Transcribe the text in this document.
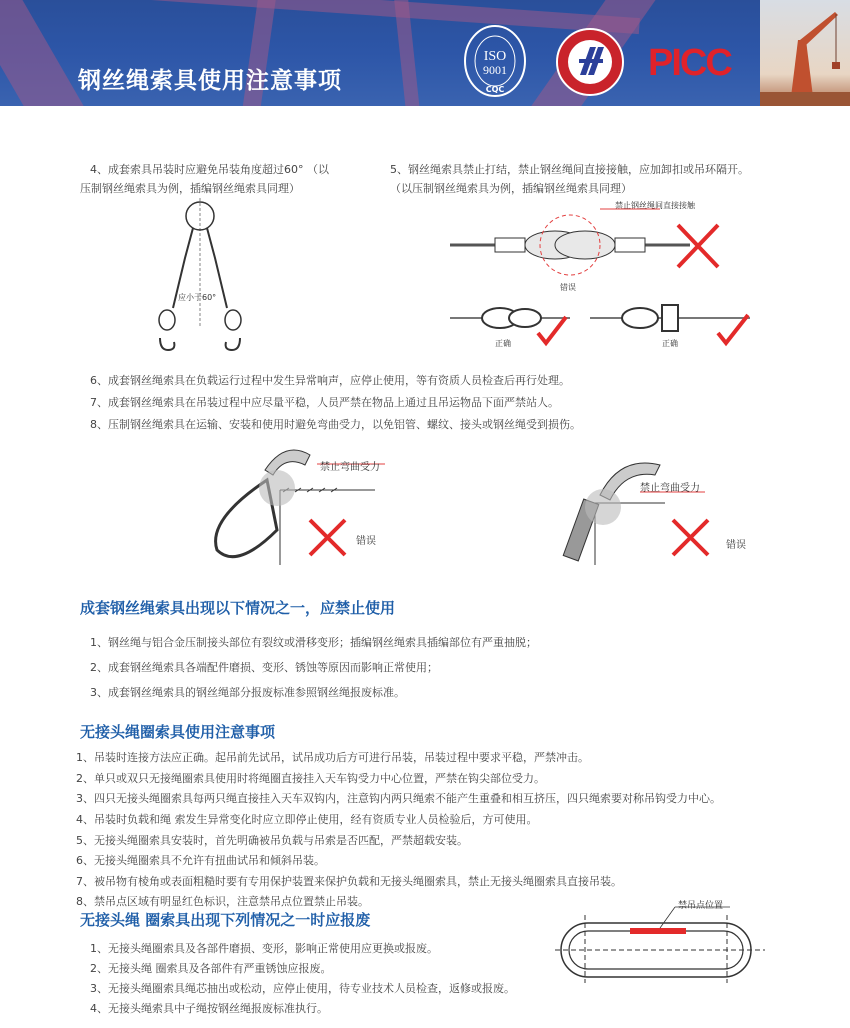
钢丝绳索具使用注意事项
ISO
9001
CQC
PICC
4、成套索具吊装时应避免吊装角度超过60° （以
压制钢丝绳索具为例，插编钢丝绳索具同理）
应小于60°
5、钢丝绳索具禁止打结，禁止钢丝绳间直接接触，应加卸扣或吊环隔开。
（以压制钢丝绳索具为例，插编钢丝绳索具同理）
禁止钢丝绳间直接接触
错误
正确	正确
6、成套钢丝绳索具在负载运行过程中发生异常响声，应停止使用，等有资质人员检查后再行处理。
7、成套钢丝绳索具在吊装过程中应尽量平稳，人员严禁在物品上通过且吊运物品下面严禁站人。
8、压制钢丝绳索具在运输、安装和使用时避免弯曲受力，以免铝管、螺纹、接头或钢丝绳受到损伤。
禁止弯曲受力
错误
禁止弯曲受力
错误
成套钢丝绳索具出现以下情况之一，应禁止使用
1、钢丝绳与铝合金压制接头部位有裂纹或滑移变形；插编钢丝绳索具插编部位有严重抽脱；
2、成套钢丝绳索具各端配件磨损、变形、锈蚀等原因而影响正常使用；
3、成套钢丝绳索具的钢丝绳部分报废标准参照钢丝绳报废标准。
无接头绳圈索具使用注意事项
1、吊装时连接方法应正确。起吊前先试吊，试吊成功后方可进行吊装，吊装过程中要求平稳，严禁冲击。
2、单只或双只无接绳圈索具使用时将绳圈直接挂入天车钩受力中心位置，严禁在钩尖部位受力。
3、四只无接头绳圈索具每两只绳直接挂入天车双钩内，注意钩内两只绳索不能产生重叠和相互挤压，四只绳索要对称吊钩受力中心。
4、吊装时负载和绳 索发生异常变化时应立即停止使用，经有资质专业人员检验后，方可使用。
5、无接头绳圈索具安装时，首先明确被吊负载与吊索是否匹配，严禁超载安装。
6、无接头绳圈索具不允许有扭曲试吊和倾斜吊装。
7、被吊物有棱角或表面粗糙时要有专用保护装置来保护负载和无接头绳圈索具，禁止无接头绳圈索具直接吊装。
8、禁吊点区域有明显红色标识，注意禁吊点位置禁止吊装。
无接头绳 圈索具出现下列情况之一时应报废
1、无接头绳圈索具及各部件磨损、变形，影响正常使用应更换或报废。
2、无接头绳 圈索具及各部件有严重锈蚀应报废。
3、无接头绳圈索具绳芯抽出或松动，应停止使用，待专业技术人员检查，返修或报废。
4、无接头绳索具中子绳按钢丝绳报废标准执行。
禁吊点位置
